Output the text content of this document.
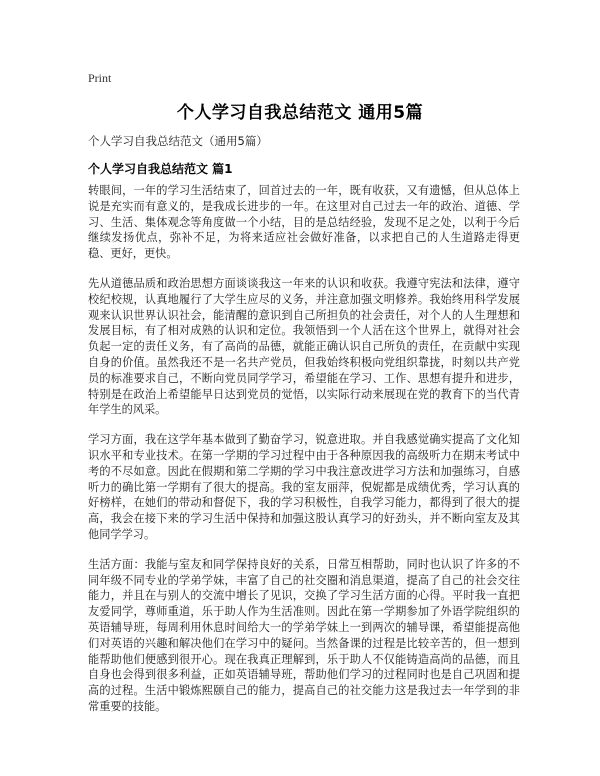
Print
个人学习自我总结范文 通用5篇
个人学习自我总结范文（通用5篇）
个人学习自我总结范文 篇1

转眼间，一年的学习生活结束了，回首过去的一年，既有收获，又有遗憾，但从总体上说是充实而有意义的，是我成长进步的一年。在这里对自己过去一年的政治、道德、学习、生活、集体观念等角度做一个小结，目的是总结经验，发现不足之处，以利于今后继续发扬优点，弥补不足，为将来适应社会做好准备，以求把自己的人生道路走得更稳、更好，更快。

先从道德品质和政治思想方面谈谈我这一年来的认识和收获。我遵守宪法和法律，遵守校纪校规，认真地履行了大学生应尽的义务，并注意加强文明修养。我始终用科学发展观来认识世界认识社会，能清醒的意识到自己所担负的社会责任，对个人的人生理想和发展目标，有了相对成熟的认识和定位。我领悟到一个人活在这个世界上，就得对社会负起一定的责任义务，有了高尚的品德，就能正确认识自己所负的责任，在贡献中实现自身的价值。虽然我还不是一名共产党员，但我始终积极向党组织靠拢，时刻以共产党员的标准要求自己，不断向党员同学学习，希望能在学习、工作、思想有提升和进步，特别是在政治上希望能早日达到党员的觉悟，以实际行动来展现在党的教育下的当代青年学生的风采。

学习方面，我在这学年基本做到了勤奋学习，锐意进取。并自我感觉确实提高了文化知识水平和专业技术。在第一学期的学习过程中由于各种原因我的高级听力在期末考试中考的不尽如意。因此在假期和第二学期的学习中我注意改进学习方法和加强练习，自感听力的确比第一学期有了很大的提高。我的室友丽萍，倪妮都是成绩优秀，学习认真的好榜样，在她们的带动和督促下，我的学习积极性，自我学习能力，都得到了很大的提高，我会在接下来的学习生活中保持和加强这股认真学习的好劲头，并不断向室友及其他同学学习。

生活方面：我能与室友和同学保持良好的关系，日常互相帮助，同时也认识了许多的不同年级不同专业的学弟学妹，丰富了自己的社交圈和消息渠道，提高了自己的社会交往能力，并且在与别人的交流中增长了见识，交换了学习生活方面的心得。平时我一直把友爱同学，尊师重道，乐于助人作为生活准则。因此在第一学期参加了外语学院组织的英语辅导班，每周利用休息时间给大一的学弟学妹上一到两次的辅导课，希望能提高他们对英语的兴趣和解决他们在学习中的疑问。当然备课的过程是比较辛苦的，但一想到能帮助他们便感到很开心。现在我真正理解到，乐于助人不仅能铸造高尚的品德，而且自身也会得到很多利益，正如英语辅导班，帮助他们学习的过程同时也是自己巩固和提高的过程。生活中锻炼熙颐自己的能力，提高自己的社交能力这是我过去一年学到的非常重要的技能。
